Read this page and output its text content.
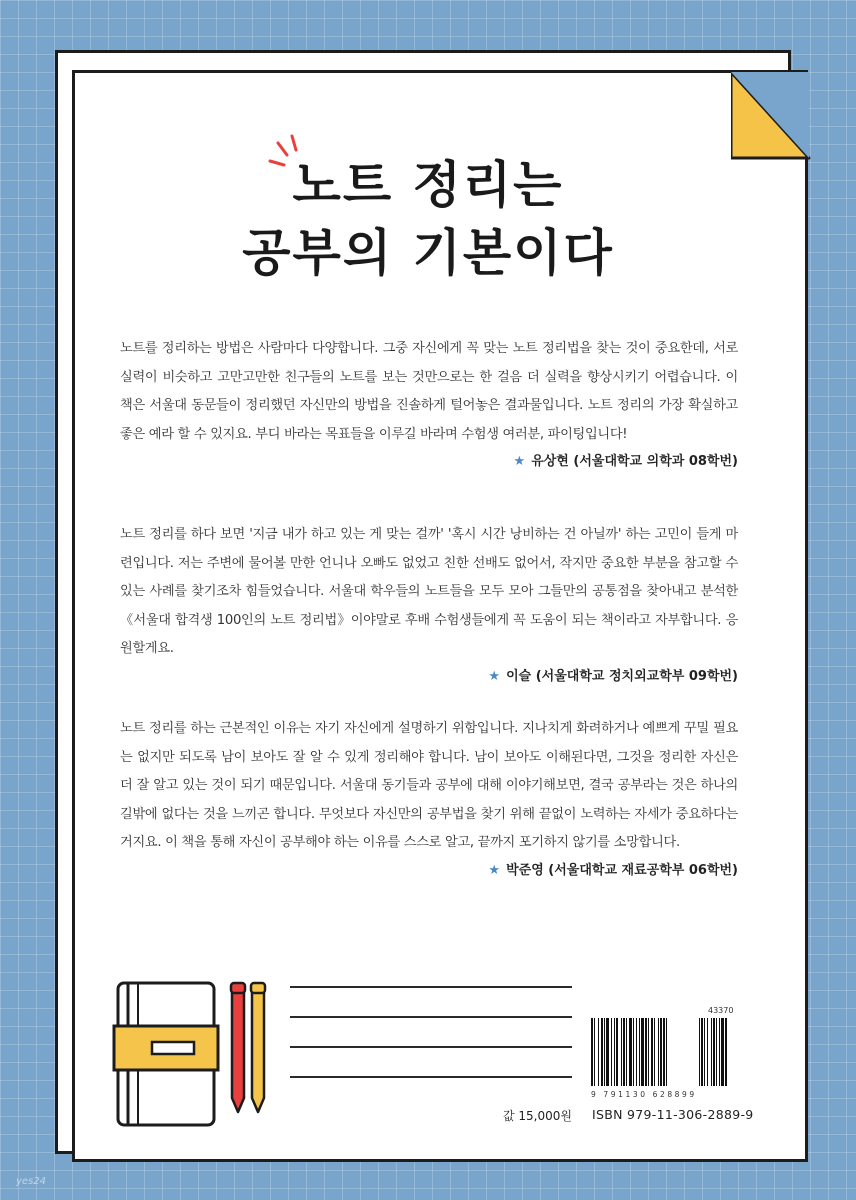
노트 정리는
공부의 기본이다

노트를 정리하는 방법은 사람마다 다양합니다. 그중 자신에게 꼭 맞는 노트 정리법을 찾는 것이 중요한데, 서로 실력이 비슷하고 고만고만한 친구들의 노트를 보는 것만으로는 한 걸음 더 실력을 향상시키기 어렵습니다. 이 책은 서울대 동문들이 정리했던 자신만의 방법을 진솔하게 털어놓은 결과물입니다. 노트 정리의 가장 확실하고 좋은 예라 할 수 있지요. 부디 바라는 목표들을 이루길 바라며 수험생 여러분, 파이팅입니다!

★ 유상현 (서울대학교 의학과 08학번)

노트 정리를 하다 보면 '지금 내가 하고 있는 게 맞는 걸까' '혹시 시간 낭비하는 건 아닐까' 하는 고민이 들게 마련입니다. 저는 주변에 물어볼 만한 언니나 오빠도 없었고 친한 선배도 없어서, 작지만 중요한 부분을 참고할 수 있는 사례를 찾기조차 힘들었습니다. 서울대 학우들의 노트들을 모두 모아 그들만의 공통점을 찾아내고 분석한 《서울대 합격생 100인의 노트 정리법》이야말로 후배 수험생들에게 꼭 도움이 되는 책이라고 자부합니다. 응원할게요.

★ 이슬 (서울대학교 정치외교학부 09학번)

노트 정리를 하는 근본적인 이유는 자기 자신에게 설명하기 위함입니다. 지나치게 화려하거나 예쁘게 꾸밀 필요는 없지만 되도록 남이 보아도 잘 알 수 있게 정리해야 합니다. 남이 보아도 이해된다면, 그것을 정리한 자신은 더 잘 알고 있는 것이 되기 때문입니다. 서울대 동기들과 공부에 대해 이야기해보면, 결국 공부라는 것은 하나의 길밖에 없다는 것을 느끼곤 합니다. 무엇보다 자신만의 공부법을 찾기 위해 끝없이 노력하는 자세가 중요하다는 거지요. 이 책을 통해 자신이 공부해야 하는 이유를 스스로 알고, 끝까지 포기하지 않기를 소망합니다.

★ 박준영 (서울대학교 재료공학부 06학번)
값 15,000원
43370
9 791130 628899
ISBN 979-11-306-2889-9
yes24
